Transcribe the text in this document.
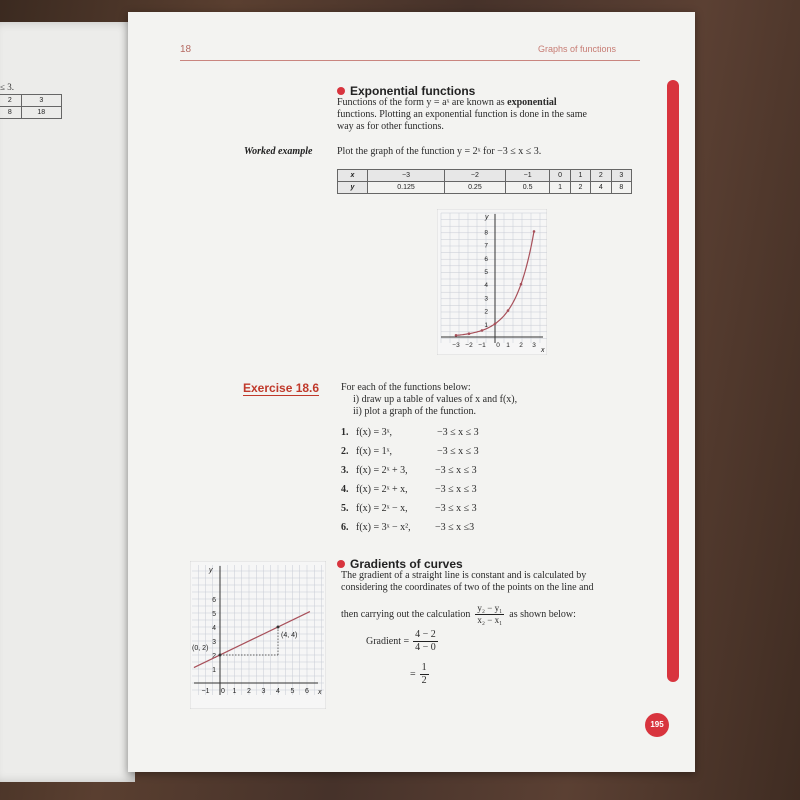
≤ 3.
2	3
8	18
18	Graphs of functions
Exponential functions
Functions of the form y = aˣ are known as exponential
functions. Plotting an exponential function is done in the same
way as for other functions.
Worked example Plot the graph of the function y = 2ˣ for −3 ≤ x ≤ 3.
x	−3	−2	−1	0	1	2	3
y	0.125	0.25	0.5	1	2	4	8
y
x
8
7
6
5
4
3
2
1
−3 −2 −1 0 1 2 3
Exercise 18.6 For each of the functions below:
i) draw up a table of values of x and f(x),
ii) plot a graph of the function.
1. f(x) = 3ˣ,	−3 ≤ x ≤ 3
2. f(x) = 1ˣ,	−3 ≤ x ≤ 3
3. f(x) = 2ˣ + 3,	−3 ≤ x ≤ 3
4. f(x) = 2ˣ + x,	−3 ≤ x ≤ 3
5. f(x) = 2ˣ − x,	−3 ≤ x ≤ 3
6. f(x) = 3ˣ − x², −3 ≤ x ≤3
Gradients of curves
The gradient of a straight line is constant and is calculated by
considering the coordinates of two of the points on the line and
then carrying out the calculation $\frac{\text{y₂ − y₁}}{\text{x₂ − x₁}}$ as shown below:
Gradient = $\frac{4 - 2}{4 - 0}$
= $\frac{1}{2}$
y
x
6
5
4
3
2
1
−1 0 1 2 3 4 5 6
(0, 2)
(4, 4)
195
